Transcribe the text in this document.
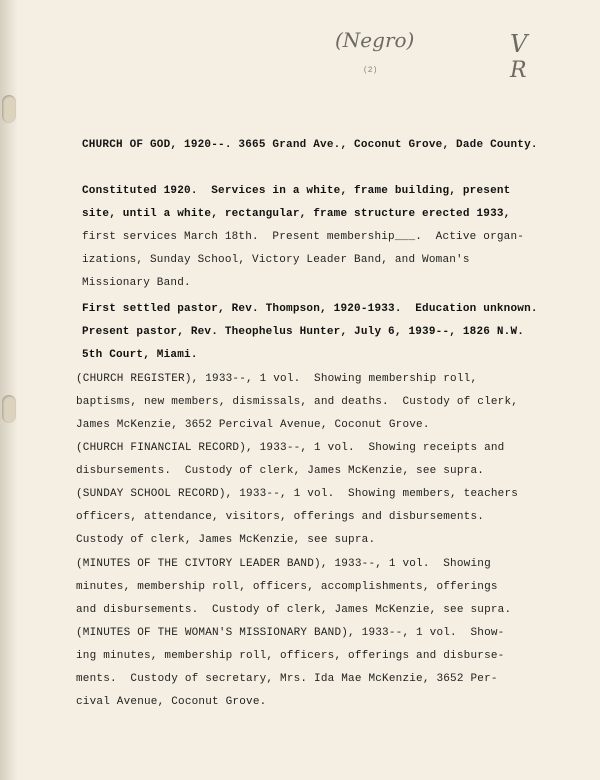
(Negro)	V
R
(2)
CHURCH OF GOD, 1920--. 3665 Grand Ave., Coconut Grove, Dade County.
Constituted 1920.  Services in a white, frame building, present
site, until a white, rectangular, frame structure erected 1933,
first services March 18th.  Present membership___.  Active organ-
izations, Sunday School, Victory Leader Band, and Woman's
Missionary Band.
First settled pastor, Rev. Thompson, 1920-1933.  Education unknown.
Present pastor, Rev. Theophelus Hunter, July 6, 1939--, 1826 N.W.
5th Court, Miami.
(CHURCH REGISTER), 1933--, 1 vol.  Showing membership roll,
baptisms, new members, dismissals, and deaths.  Custody of clerk,
James McKenzie, 3652 Percival Avenue, Coconut Grove.
(CHURCH FINANCIAL RECORD), 1933--, 1 vol.  Showing receipts and
disbursements.  Custody of clerk, James McKenzie, see supra.
(SUNDAY SCHOOL RECORD), 1933--, 1 vol.  Showing members, teachers
officers, attendance, visitors, offerings and disbursements.
Custody of clerk, James McKenzie, see supra.
(MINUTES OF THE CIVTORY LEADER BAND), 1933--, 1 vol.  Showing
minutes, membership roll, officers, accomplishments, offerings
and disbursements.  Custody of clerk, James McKenzie, see supra.
(MINUTES OF THE WOMAN'S MISSIONARY BAND), 1933--, 1 vol.  Show-
ing minutes, membership roll, officers, offerings and disburse-
ments.  Custody of secretary, Mrs. Ida Mae McKenzie, 3652 Per-
cival Avenue, Coconut Grove.
